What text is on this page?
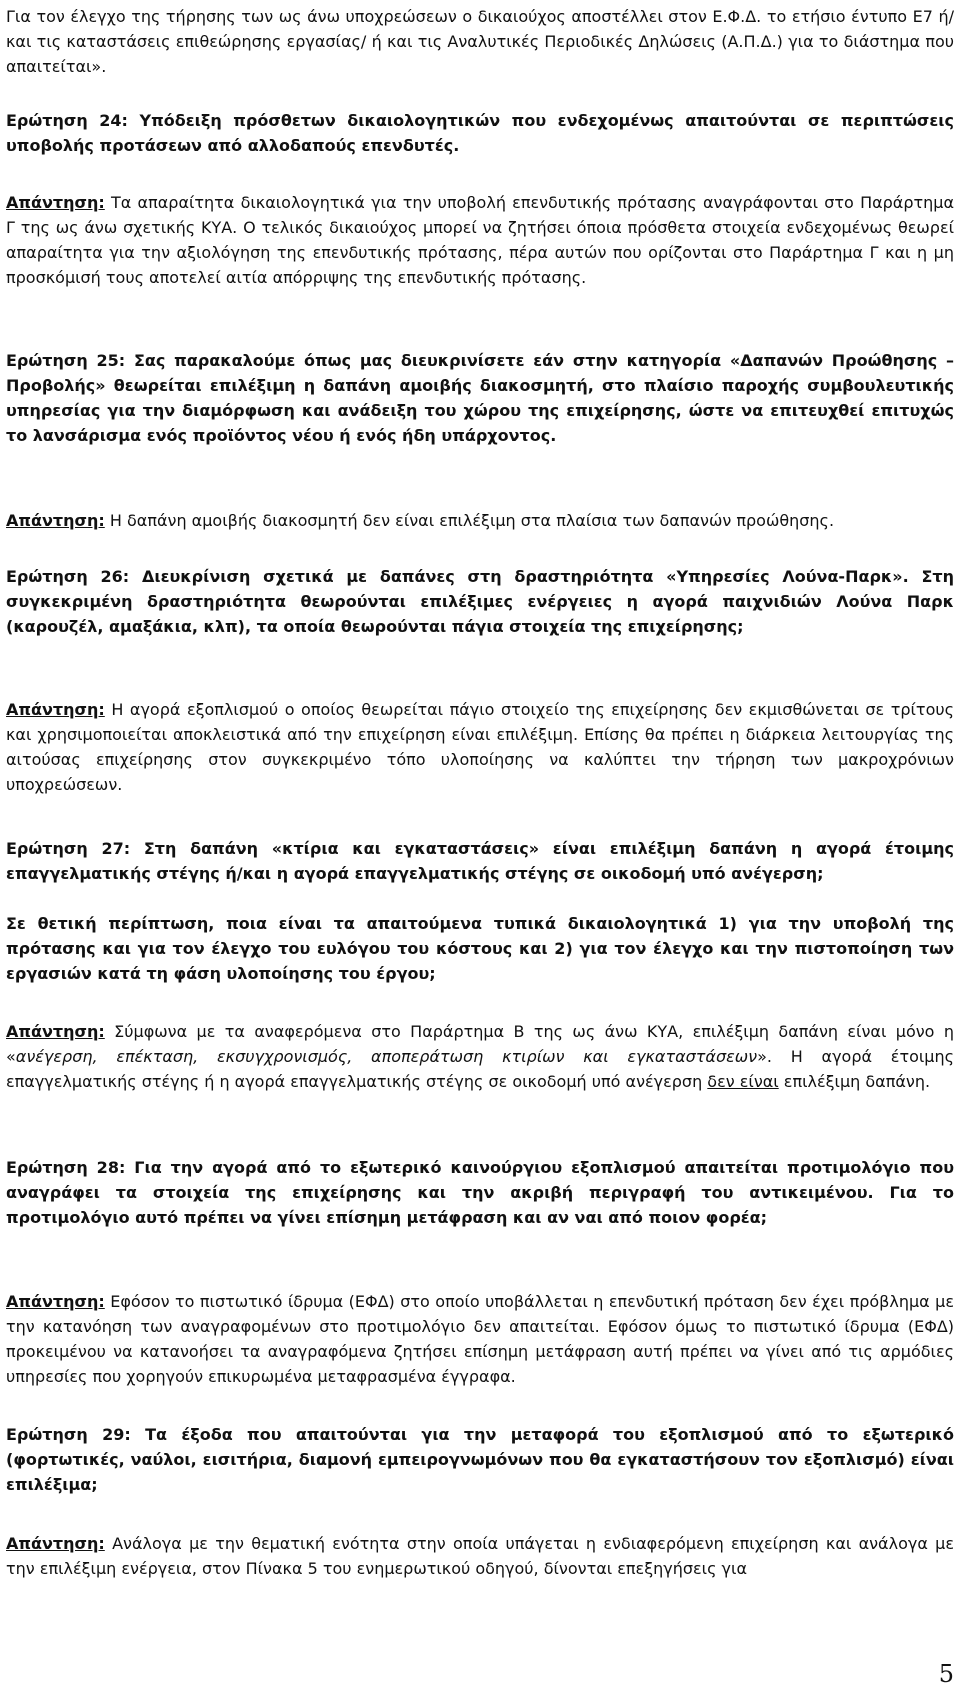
Για τον έλεγχο της τήρησης των ως άνω υποχρεώσεων ο δικαιούχος αποστέλλει στον Ε.Φ.Δ. το ετήσιο έντυπο Ε7 ή/και τις καταστάσεις επιθεώρησης εργασίας/ ή και τις Αναλυτικές Περιοδικές Δηλώσεις (Α.Π.Δ.) για το διάστημα που απαιτείται».

Ερώτηση 24: Υπόδειξη πρόσθετων δικαιολογητικών που ενδεχομένως απαιτούνται σε περιπτώσεις υποβολής προτάσεων από αλλοδαπούς επενδυτές.

Απάντηση: Τα απαραίτητα δικαιολογητικά για την υποβολή επενδυτικής πρότασης αναγράφονται στο Παράρτημα Γ της ως άνω σχετικής ΚΥΑ. Ο τελικός δικαιούχος μπορεί να ζητήσει όποια πρόσθετα στοιχεία ενδεχομένως θεωρεί απαραίτητα για την αξιολόγηση της επενδυτικής πρότασης, πέρα αυτών που ορίζονται στο Παράρτημα Γ και η μη προσκόμισή τους αποτελεί αιτία απόρριψης της επενδυτικής πρότασης.

Ερώτηση 25: Σας παρακαλούμε όπως μας διευκρινίσετε εάν στην κατηγορία «Δαπανών Προώθησης – Προβολής» θεωρείται επιλέξιμη η δαπάνη αμοιβής διακοσμητή, στο πλαίσιο παροχής συμβουλευτικής υπηρεσίας για την διαμόρφωση και ανάδειξη του χώρου της επιχείρησης, ώστε να επιτευχθεί επιτυχώς το λανσάρισμα ενός προϊόντος νέου ή ενός ήδη υπάρχοντος.

Απάντηση: Η δαπάνη αμοιβής διακοσμητή δεν είναι επιλέξιμη στα πλαίσια των δαπανών προώθησης.

Ερώτηση 26: Διευκρίνιση σχετικά με δαπάνες στη δραστηριότητα «Υπηρεσίες Λούνα-Παρκ». Στη συγκεκριμένη δραστηριότητα θεωρούνται επιλέξιμες ενέργειες η αγορά παιχνιδιών Λούνα Παρκ (καρουζέλ, αμαξάκια, κλπ), τα οποία θεωρούνται πάγια στοιχεία της επιχείρησης;

Απάντηση: Η αγορά εξοπλισμού ο οποίος θεωρείται πάγιο στοιχείο της επιχείρησης δεν εκμισθώνεται σε τρίτους και χρησιμοποιείται αποκλειστικά από την επιχείρηση είναι επιλέξιμη. Επίσης θα πρέπει η διάρκεια λειτουργίας της αιτούσας επιχείρησης στον συγκεκριμένο τόπο υλοποίησης να καλύπτει την τήρηση των μακροχρόνιων υποχρεώσεων.

Ερώτηση 27: Στη δαπάνη «κτίρια και εγκαταστάσεις» είναι επιλέξιμη δαπάνη η αγορά έτοιμης επαγγελματικής στέγης ή/και η αγορά επαγγελματικής στέγης σε οικοδομή υπό ανέγερση;

Σε θετική περίπτωση, ποια είναι τα απαιτούμενα τυπικά δικαιολογητικά 1) για την υποβολή της πρότασης και για τον έλεγχο του ευλόγου του κόστους και 2) για τον έλεγχο και την πιστοποίηση των εργασιών κατά τη φάση υλοποίησης του έργου;

Απάντηση: Σύμφωνα με τα αναφερόμενα στο Παράρτημα Β της ως άνω ΚΥΑ, επιλέξιμη δαπάνη είναι μόνο η «ανέγερση, επέκταση, εκσυγχρονισμός, αποπεράτωση κτιρίων και εγκαταστάσεων». Η αγορά έτοιμης επαγγελματικής στέγης ή η αγορά επαγγελματικής στέγης σε οικοδομή υπό ανέγερση δεν είναι επιλέξιμη δαπάνη.

Ερώτηση 28: Για την αγορά από το εξωτερικό καινούργιου εξοπλισμού απαιτείται προτιμολόγιο που αναγράφει τα στοιχεία της επιχείρησης και την ακριβή περιγραφή του αντικειμένου. Για το προτιμολόγιο αυτό πρέπει να γίνει επίσημη μετάφραση και αν ναι από ποιον φορέα;

Απάντηση: Εφόσον το πιστωτικό ίδρυμα (ΕΦΔ) στο οποίο υποβάλλεται η επενδυτική πρόταση δεν έχει πρόβλημα με την κατανόηση των αναγραφομένων στο προτιμολόγιο δεν απαιτείται. Εφόσον όμως το πιστωτικό ίδρυμα (ΕΦΔ) προκειμένου να κατανοήσει τα αναγραφόμενα ζητήσει επίσημη μετάφραση αυτή πρέπει να γίνει από τις αρμόδιες υπηρεσίες που χορηγούν επικυρωμένα μεταφρασμένα έγγραφα.

Ερώτηση 29: Τα έξοδα που απαιτούνται για την μεταφορά του εξοπλισμού από το εξωτερικό (φορτωτικές, ναύλοι, εισιτήρια, διαμονή εμπειρογνωμόνων που θα εγκαταστήσουν τον εξοπλισμό) είναι επιλέξιμα;

Απάντηση: Ανάλογα με την θεματική ενότητα στην οποία υπάγεται η ενδιαφερόμενη επιχείρηση και ανάλογα με την επιλέξιμη ενέργεια, στον Πίνακα 5 του ενημερωτικού οδηγού, δίνονται επεξηγήσεις για

5
